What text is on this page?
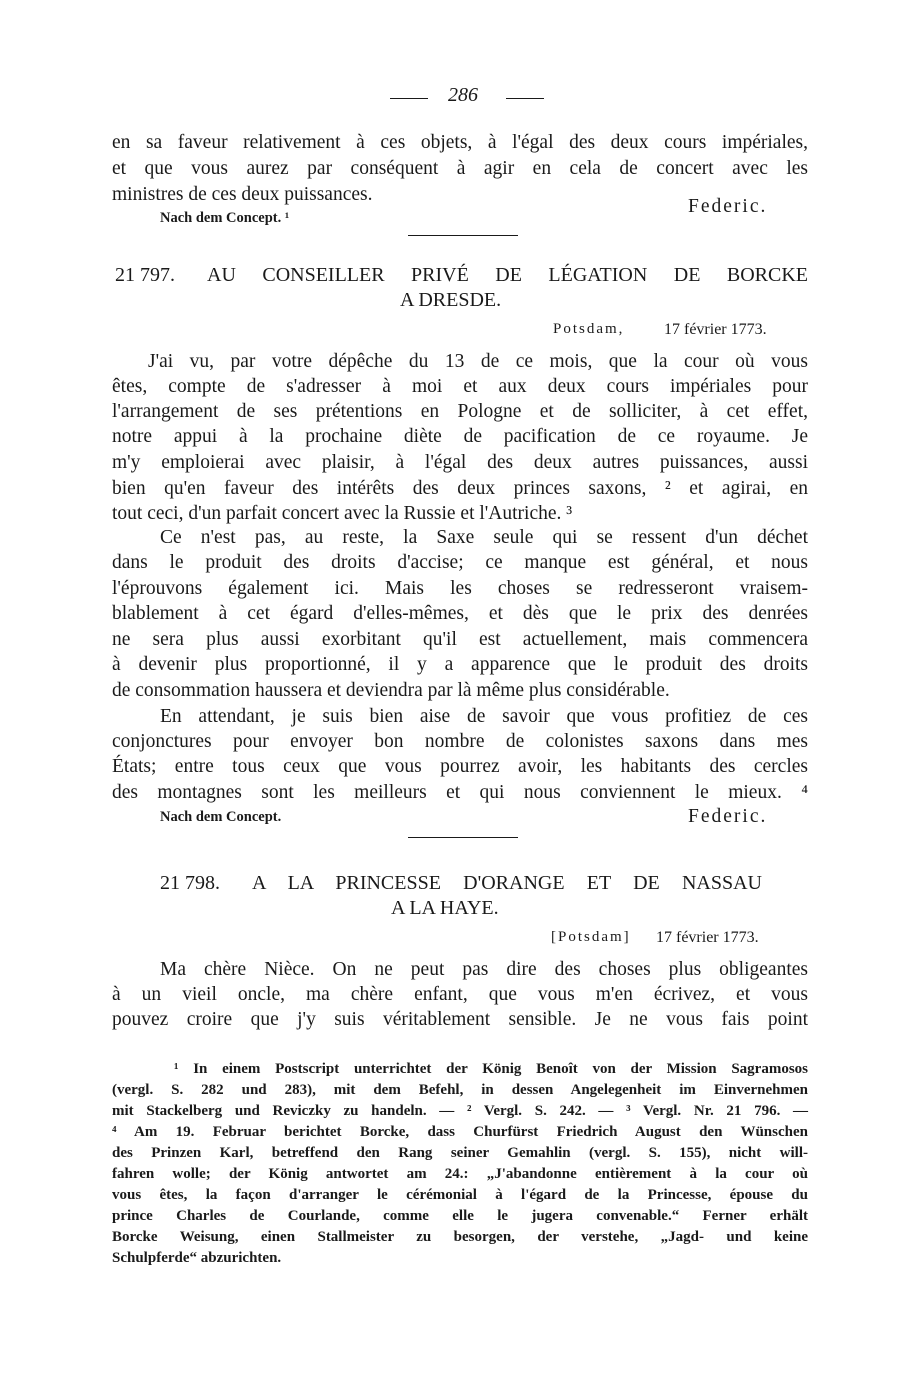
286
en sa faveur relativement à ces objets, à l'égal des deux cours impériales,
et que vous aurez par conséquent à agir en cela de concert avec les
ministres de ces deux puissances.
Nach dem Concept. ¹
Federic.
21 797. AU CONSEILLER PRIVÉ DE LÉGATION DE BORCKE
A DRESDE.
Potsdam, 17 février 1773.
J'ai vu, par votre dépêche du 13 de ce mois, que la cour où vous
êtes, compte de s'adresser à moi et aux deux cours impériales pour
l'arrangement de ses prétentions en Pologne et de solliciter, à cet effet,
notre appui à la prochaine diète de pacification de ce royaume. Je
m'y emploierai avec plaisir, à l'égal des deux autres puissances, aussi
bien qu'en faveur des intérêts des deux princes saxons, ² et agirai, en
tout ceci, d'un parfait concert avec la Russie et l'Autriche. ³
Ce n'est pas, au reste, la Saxe seule qui se ressent d'un déchet
dans le produit des droits d'accise; ce manque est général, et nous
l'éprouvons également ici. Mais les choses se redresseront vraisem-
blablement à cet égard d'elles-mêmes, et dès que le prix des denrées
ne sera plus aussi exorbitant qu'il est actuellement, mais commencera
à devenir plus proportionné, il y a apparence que le produit des droits
de consommation haussera et deviendra par là même plus considérable.
En attendant, je suis bien aise de savoir que vous profitiez de ces
conjonctures pour envoyer bon nombre de colonistes saxons dans mes
États; entre tous ceux que vous pourrez avoir, les habitants des cercles
des montagnes sont les meilleurs et qui nous conviennent le mieux. ⁴
Nach dem Concept.	Federic.
21 798. A LA PRINCESSE D'ORANGE ET DE NASSAU
A LA HAYE.
[Potsdam] 17 février 1773.
Ma chère Nièce. On ne peut pas dire des choses plus obligeantes
à un vieil oncle, ma chère enfant, que vous m'en écrivez, et vous
pouvez croire que j'y suis véritablement sensible. Je ne vous fais point
¹ In einem Postscript unterrichtet der König Benoît von der Mission Sagramosos
(vergl. S. 282 und 283), mit dem Befehl, in dessen Angelegenheit im Einvernehmen
mit Stackelberg und Reviczky zu handeln. — ² Vergl. S. 242. — ³ Vergl. Nr. 21 796. —
⁴ Am 19. Februar berichtet Borcke, dass Churfürst Friedrich August den Wünschen
des Prinzen Karl, betreffend den Rang seiner Gemahlin (vergl. S. 155), nicht will-
fahren wolle; der König antwortet am 24.: „J'abandonne entièrement à la cour où
vous êtes, la façon d'arranger le cérémonial à l'égard de la Princesse, épouse du
prince Charles de Courlande, comme elle le jugera convenable.“ Ferner erhält
Borcke Weisung, einen Stallmeister zu besorgen, der verstehe, „Jagd- und keine
Schulpferde“ abzurichten.
